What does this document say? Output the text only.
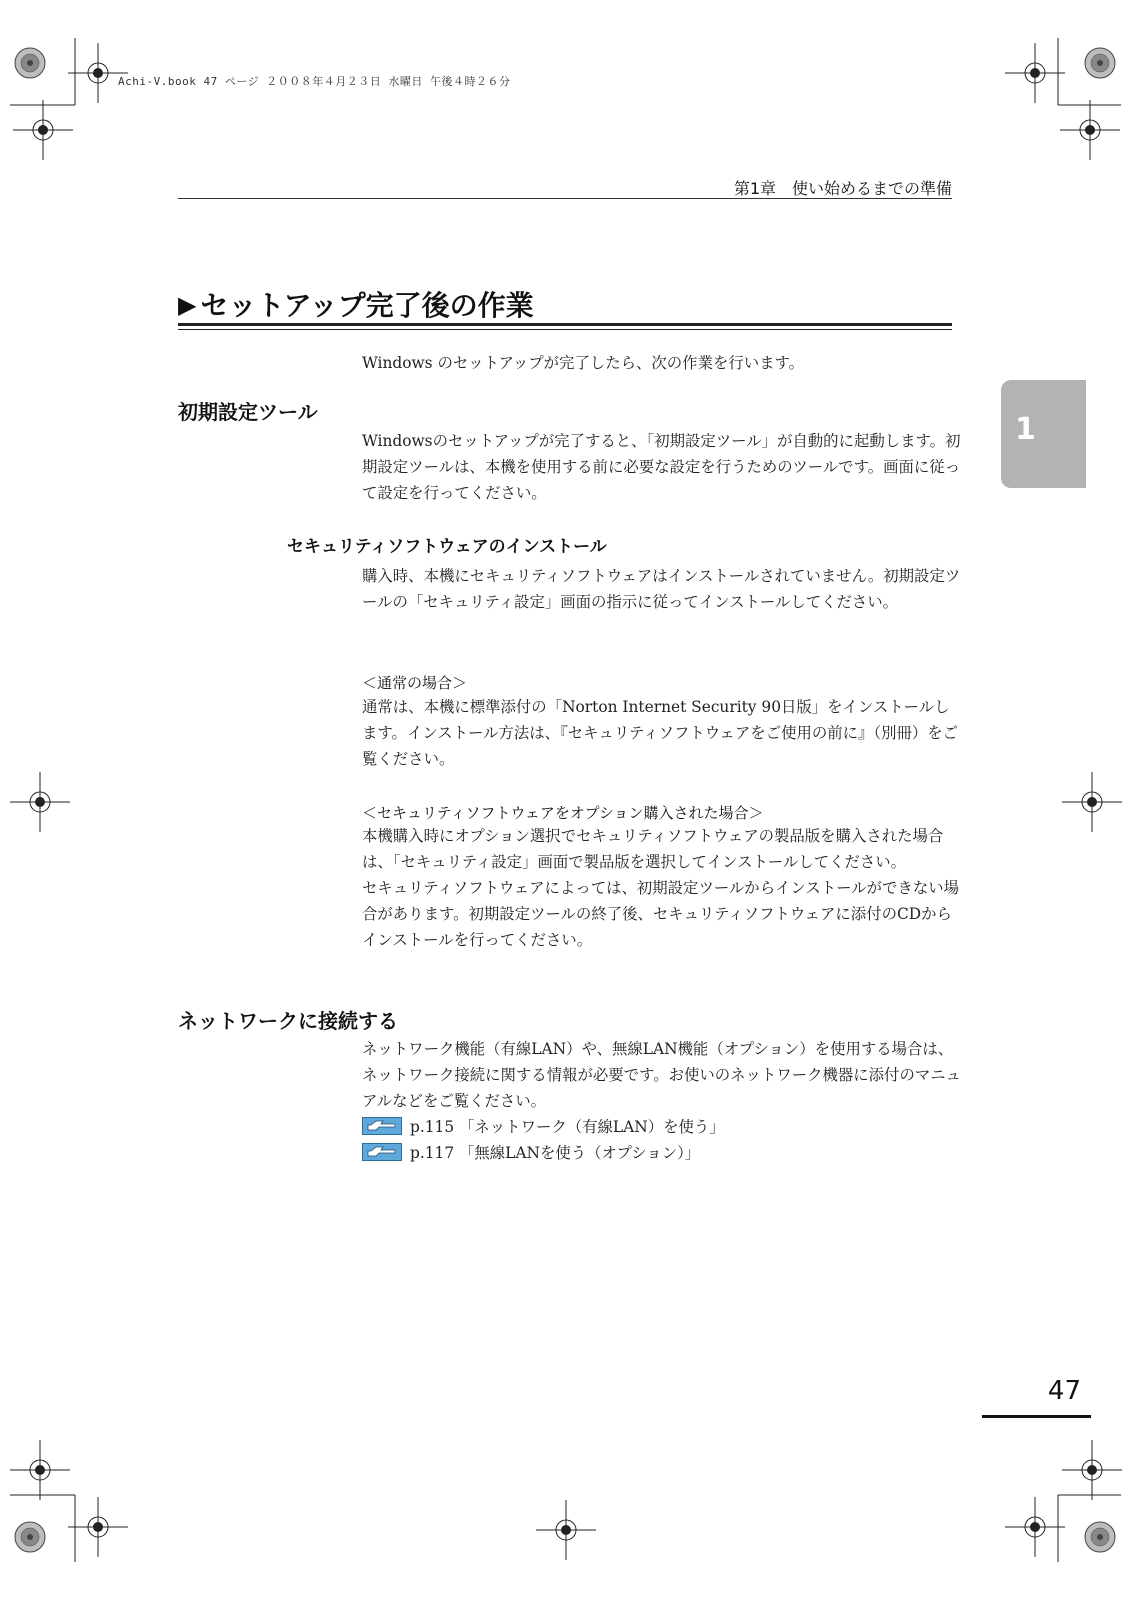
Achi-V.book 47 ページ ２００８年４月２３日 水曜日 午後４時２６分
第1章　使い始めるまでの準備
1
▶ セットアップ完了後の作業
Windows のセットアップが完了したら、次の作業を行います。
初期設定ツール
Windowsのセットアップが完了すると、「初期設定ツール」が自動的に起動します。初期設定ツールは、本機を使用する前に必要な設定を行うためのツールです。画面に従って設定を行ってください。
セキュリティソフトウェアのインストール
購入時、本機にセキュリティソフトウェアはインストールされていません。初期設定ツールの「セキュリティ設定」画面の指示に従ってインストールしてください。
＜通常の場合＞
通常は、本機に標準添付の「Norton Internet Security 90日版」をインストールします。インストール方法は、『セキュリティソフトウェアをご使用の前に』（別冊）をご覧ください。
＜セキュリティソフトウェアをオプション購入された場合＞

本機購入時にオプション選択でセキュリティソフトウェアの製品版を購入された場合は、「セキュリティ設定」画面で製品版を選択してインストールしてください。

セキュリティソフトウェアによっては、初期設定ツールからインストールができない場合があります。初期設定ツールの終了後、セキュリティソフトウェアに添付のCDからインストールを行ってください。

ネットワークに接続する
ネットワーク機能（有線LAN）や、無線LAN機能（オプション）を使用する場合は、ネットワーク接続に関する情報が必要です。お使いのネットワーク機器に添付のマニュアルなどをご覧ください。
p.115 「ネットワーク（有線LAN）を使う」
p.117 「無線LANを使う（オプション）」
47
